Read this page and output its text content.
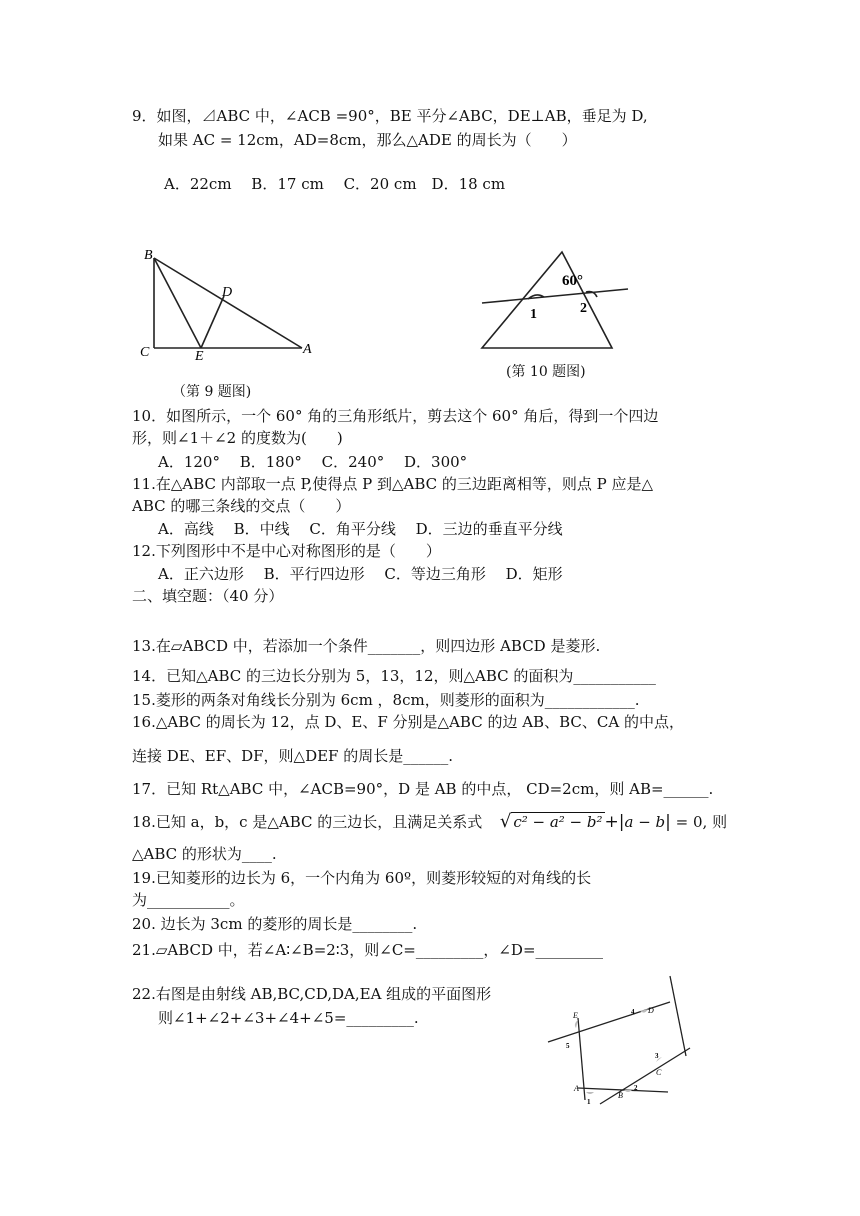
9．如图，⊿ABC 中，∠ACB =90°，BE 平分∠ABC，DE⊥AB，垂足为 D,
如果 AC = 12cm，AD=8cm，那么△ADE 的周长为（　　）
A．22cm　 B．17 cm　 C．20 cm　D．18 cm
B
C
D
E	A
（第 9 题图)
60°
1	2
(第 10 题图)
10．如图所示，一个 60° 角的三角形纸片，剪去这个 60° 角后，得到一个四边
形，则∠1＋∠2 的度数为(　　)
A．120°　 B．180°　 C．240°　 D．300°
11.在△ABC 内部取一点 P,使得点 P 到△ABC 的三边距离相等，则点 P 应是△
ABC 的哪三条线的交点（　　）
A．高线　 B．中线　 C．角平分线　 D．三边的垂直平分线
12.下列图形中不是中心对称图形的是（　　）
A．正六边形　 B．平行四边形　 C．等边三角形　 D．矩形
二、填空题：（40 分）
13.在▱ABCD 中，若添加一个条件_______，则四边形 ABCD 是菱形.
14．已知△ABC 的三边长分别为 5，13，12，则△ABC 的面积为___________
15.菱形的两条对角线长分别为 6cm ，8cm，则菱形的面积为____________.
16.△ABC 的周长为 12，点 D、E、F 分别是△ABC 的边 AB、BC、CA 的中点，
连接 DE、EF、DF，则△DEF 的周长是______.
17．已知 Rt△ABC 中，∠ACB=90°，D 是 AB 的中点， CD=2cm，则 AB=______.
18.已知 a，b，c 是△ABC 的三边长，且满足关系式 √ c² − a² − b² +|a − b| = 0, 则
△ABC 的形状为____.
19.已知菱形的边长为 6，一个内角为 60º，则菱形较短的对角线的长
为___________。
20. 边长为 3cm 的菱形的周长是________.
21.▱ABCD 中，若∠A∶∠B=2∶3，则∠C=_________，∠D=_________
22.右图是由射线 AB,BC,CD,DA,EA 组成的平面图形
则∠1+∠2+∠3+∠4+∠5=_________.	E
D
C
A
B
1
2
3
4
5
